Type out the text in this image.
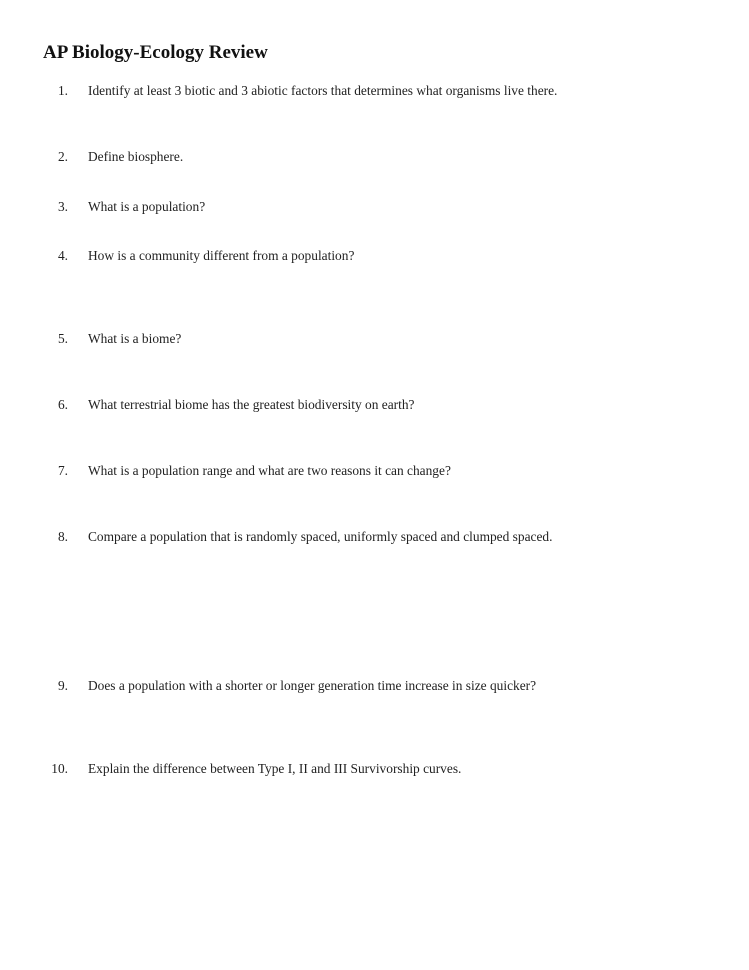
AP Biology-Ecology Review
1.	Identify at least 3 biotic and 3 abiotic factors that determines what organisms live there.
2.	Define biosphere.
3.	What is a population?
4.	How is a community different from a population?
5.	What is a biome?
6.	What terrestrial biome has the greatest biodiversity on earth?
7.	What is a population range and what are two reasons it can change?
8.	Compare a population that is randomly spaced, uniformly spaced and clumped spaced.
9.	Does a population with a shorter or longer generation time increase in size quicker?
10.	Explain the difference between Type I, II and III Survivorship curves.
